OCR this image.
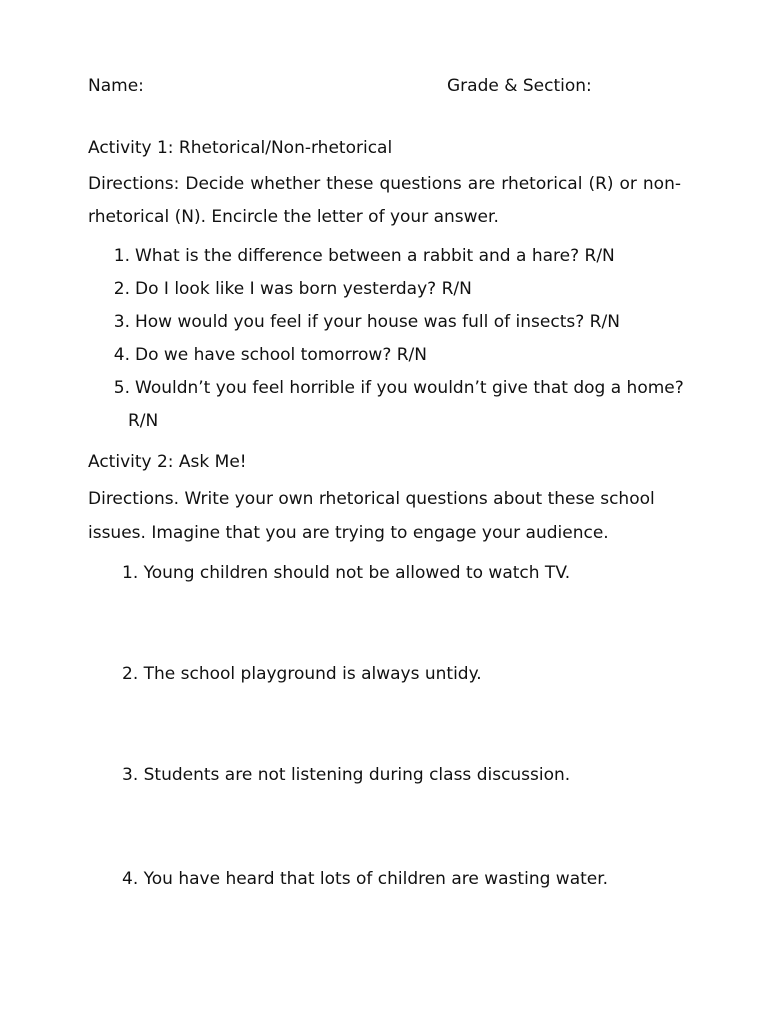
Name:	Grade & Section:
Activity 1: Rhetorical/Non-rhetorical
Directions: Decide whether these questions are rhetorical (R) or non-rhetorical (N). Encircle the letter of your answer.
1. What is the difference between a rabbit and a hare? R/N
2. Do I look like I was born yesterday? R/N
3. How would you feel if your house was full of insects? R/N
4. Do we have school tomorrow? R/N
5. Wouldn’t you feel horrible if you wouldn’t give that dog a home?
R/N
Activity 2: Ask Me!
Directions. Write your own rhetorical questions about these school issues. Imagine that you are trying to engage your audience.
1. Young children should not be allowed to watch TV.
2. The school playground is always untidy.
3. Students are not listening during class discussion.
4. You have heard that lots of children are wasting water.
